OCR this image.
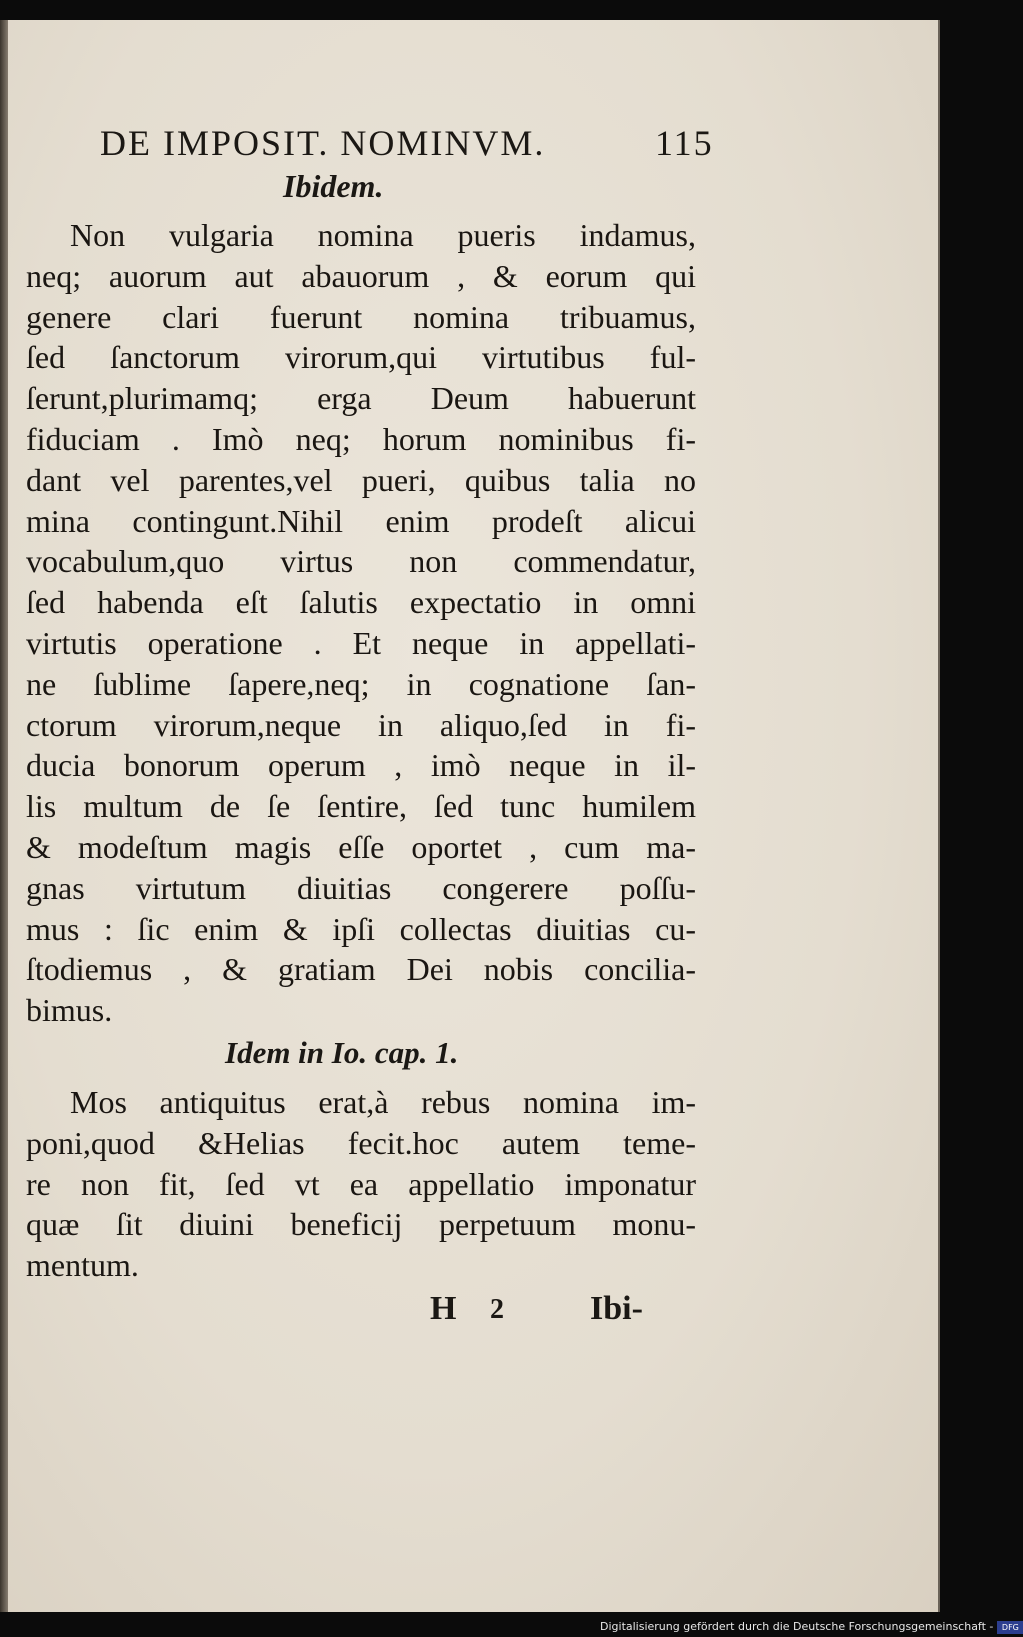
DE IMPOSIT. NOMINVM.	115
Ibidem.
Non vulgaria nomina pueris indamus,
neq; auorum aut abauorum , & eorum qui
genere clari fuerunt nomina tribuamus,
ſed ſanctorum virorum,qui virtutibus ful-
ſerunt,plurimamq; erga Deum habuerunt
fiduciam . Imò neq; horum nominibus fi-
dant vel parentes,vel pueri, quibus talia no
mina contingunt.Nihil enim prodeſt alicui
vocabulum,quo virtus non commendatur,
ſed habenda eſt ſalutis expectatio in omni
virtutis operatione . Et neque in appellati-
ne ſublime ſapere,neq; in cognatione ſan-
ctorum virorum,neque in aliquo,ſed in fi-
ducia bonorum operum , imò neque in il-
lis multum de ſe ſentire, ſed tunc humilem
& modeſtum magis eſſe oportet , cum ma-
gnas virtutum diuitias congerere poſſu-
mus : ſic enim & ipſi collectas diuitias cu-
ſtodiemus , & gratiam Dei nobis concilia-
bimus.
Idem in Io. cap. 1.
Mos antiquitus erat,à rebus nomina im-
poni,quod &Helias fecit.hoc autem teme-
re non fit, ſed vt ea appellatio imponatur
quæ ſit diuini beneficij perpetuum monu-
mentum.
H 2	Ibi-
Digitalisierung gefördert durch die Deutsche Forschungsgemeinschaft - DFG
